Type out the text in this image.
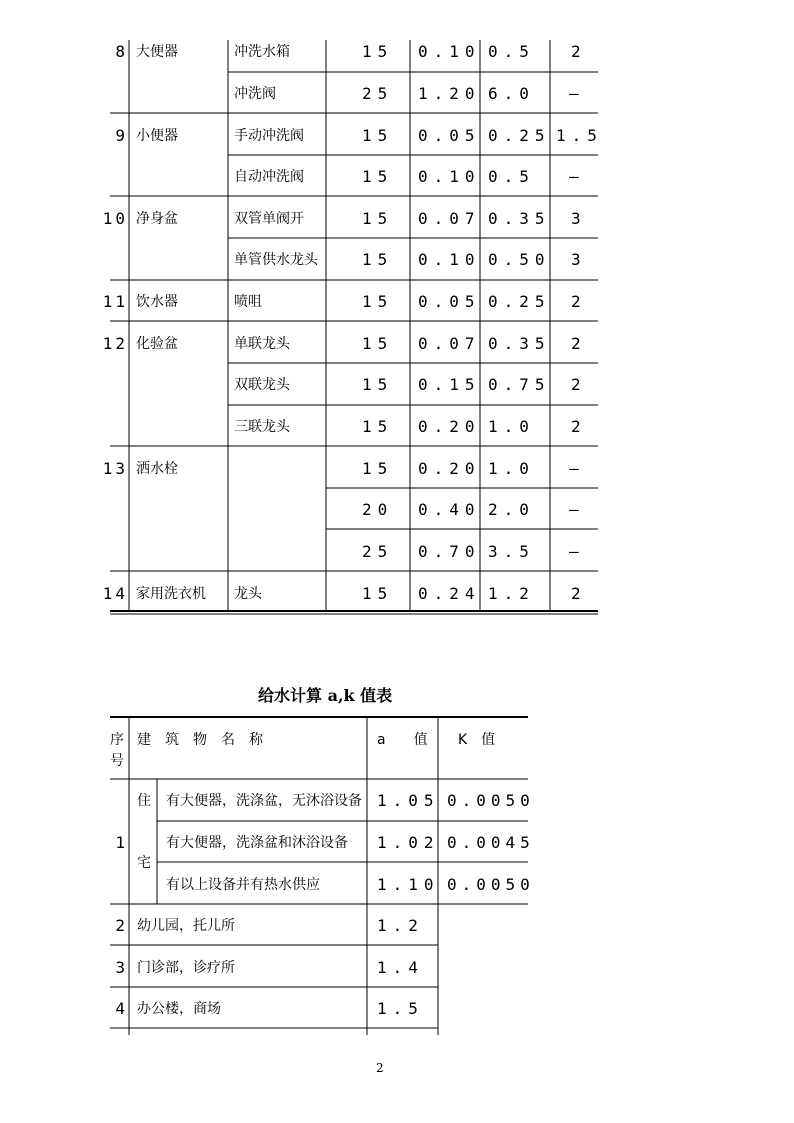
8 大便器	冲洗水箱	15 0.10 0.5 2
冲洗阀	25 1.20 6.0 —
9 小便器	手动冲洗阀	15 0.05 0.25 1.5
自动冲洗阀	15 0.10 0.5 —
10 净身盆	双管单阀开	15 0.07 0.35 3
单管供水龙头	15 0.10 0.50 3
11 饮水器	喷咀	15 0.05 0.25 2
12 化验盆	单联龙头	15 0.07 0.35 2
双联龙头	15 0.15 0.75 2
三联龙头	15 0.20 1.0 2
13 洒水栓	15 0.20 1.0 —
20 0.40 2.0 —
25 0.70 3.5 —
14 家用洗衣机 龙头	15 0.24 1.2 2
给水计算 a,k 值表
序
号
建　筑　物　名　称	a　　值 K　值
住
宅
有大便器，洗涤盆，无沐浴设备 1.05 0.0050
1	有大便器，洗涤盆和沐浴设备 1.02 0.0045
有以上设备并有热水供应	1.10 0.0050
2 幼儿园，托儿所	1.2
3 门诊部，诊疗所	1.4
4 办公楼，商场	1.5
2
